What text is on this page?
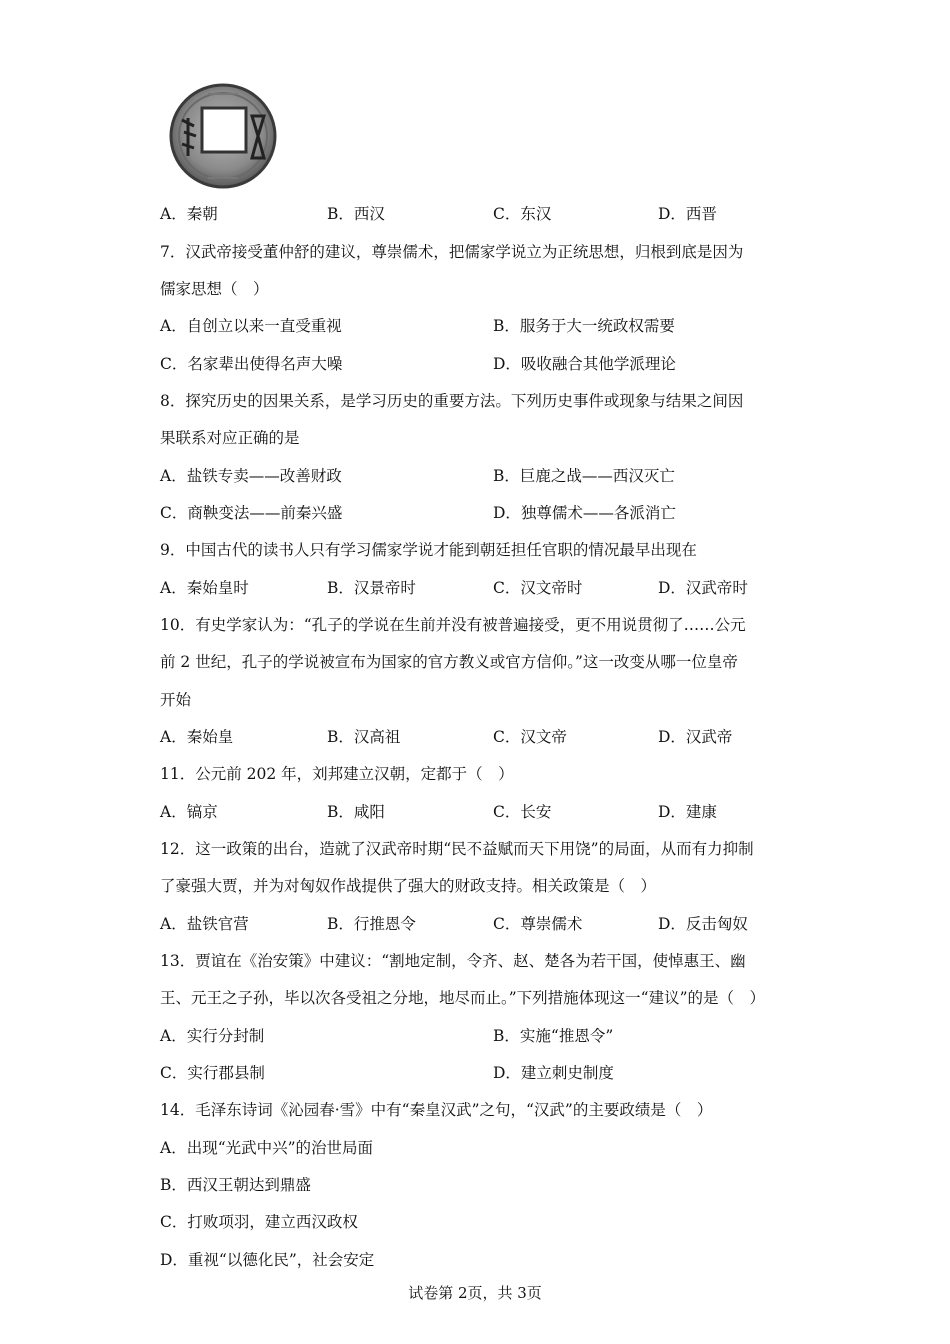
A．秦朝	B．西汉	C．东汉	D．西晋
7．汉武帝接受董仲舒的建议，尊崇儒术，把儒家学说立为正统思想，归根到底是因为
儒家思想（　）
A．自创立以来一直受重视	B．服务于大一统政权需要
C．名家辈出使得名声大噪	D．吸收融合其他学派理论
8．探究历史的因果关系，是学习历史的重要方法。下列历史事件或现象与结果之间因
果联系对应正确的是
A．盐铁专卖——改善财政	B．巨鹿之战——西汉灭亡
C．商鞅变法——前秦兴盛	D．独尊儒术——各派消亡
9．中国古代的读书人只有学习儒家学说才能到朝廷担任官职的情况最早出现在
A．秦始皇时	B．汉景帝时	C．汉文帝时	D．汉武帝时
10．有史学家认为：“孔子的学说在生前并没有被普遍接受，更不用说贯彻了……公元
前 2 世纪，孔子的学说被宣布为国家的官方教义或官方信仰。”这一改变从哪一位皇帝
开始
A．秦始皇	B．汉高祖	C．汉文帝	D．汉武帝
11．公元前 202 年，刘邦建立汉朝，定都于（　）
A．镐京	B．咸阳	C．长安	D．建康
12．这一政策的出台，造就了汉武帝时期“民不益赋而天下用饶”的局面，从而有力抑制
了豪强大贾，并为对匈奴作战提供了强大的财政支持。相关政策是（　）
A．盐铁官营	B．行推恩令	C．尊崇儒术	D．反击匈奴
13．贾谊在《治安策》中建议：“割地定制，令齐、赵、楚各为若干国，使悼惠王、幽
王、元王之子孙，毕以次各受祖之分地，地尽而止。”下列措施体现这一“建议”的是（　）
A．实行分封制	B．实施“推恩令”
C．实行郡县制	D．建立刺史制度
14．毛泽东诗词《沁园春·雪》中有“秦皇汉武”之句，“汉武”的主要政绩是（　）
A．出现“光武中兴”的治世局面
B．西汉王朝达到鼎盛
C．打败项羽，建立西汉政权
D．重视“以德化民”，社会安定
试卷第 2页，共 3页
